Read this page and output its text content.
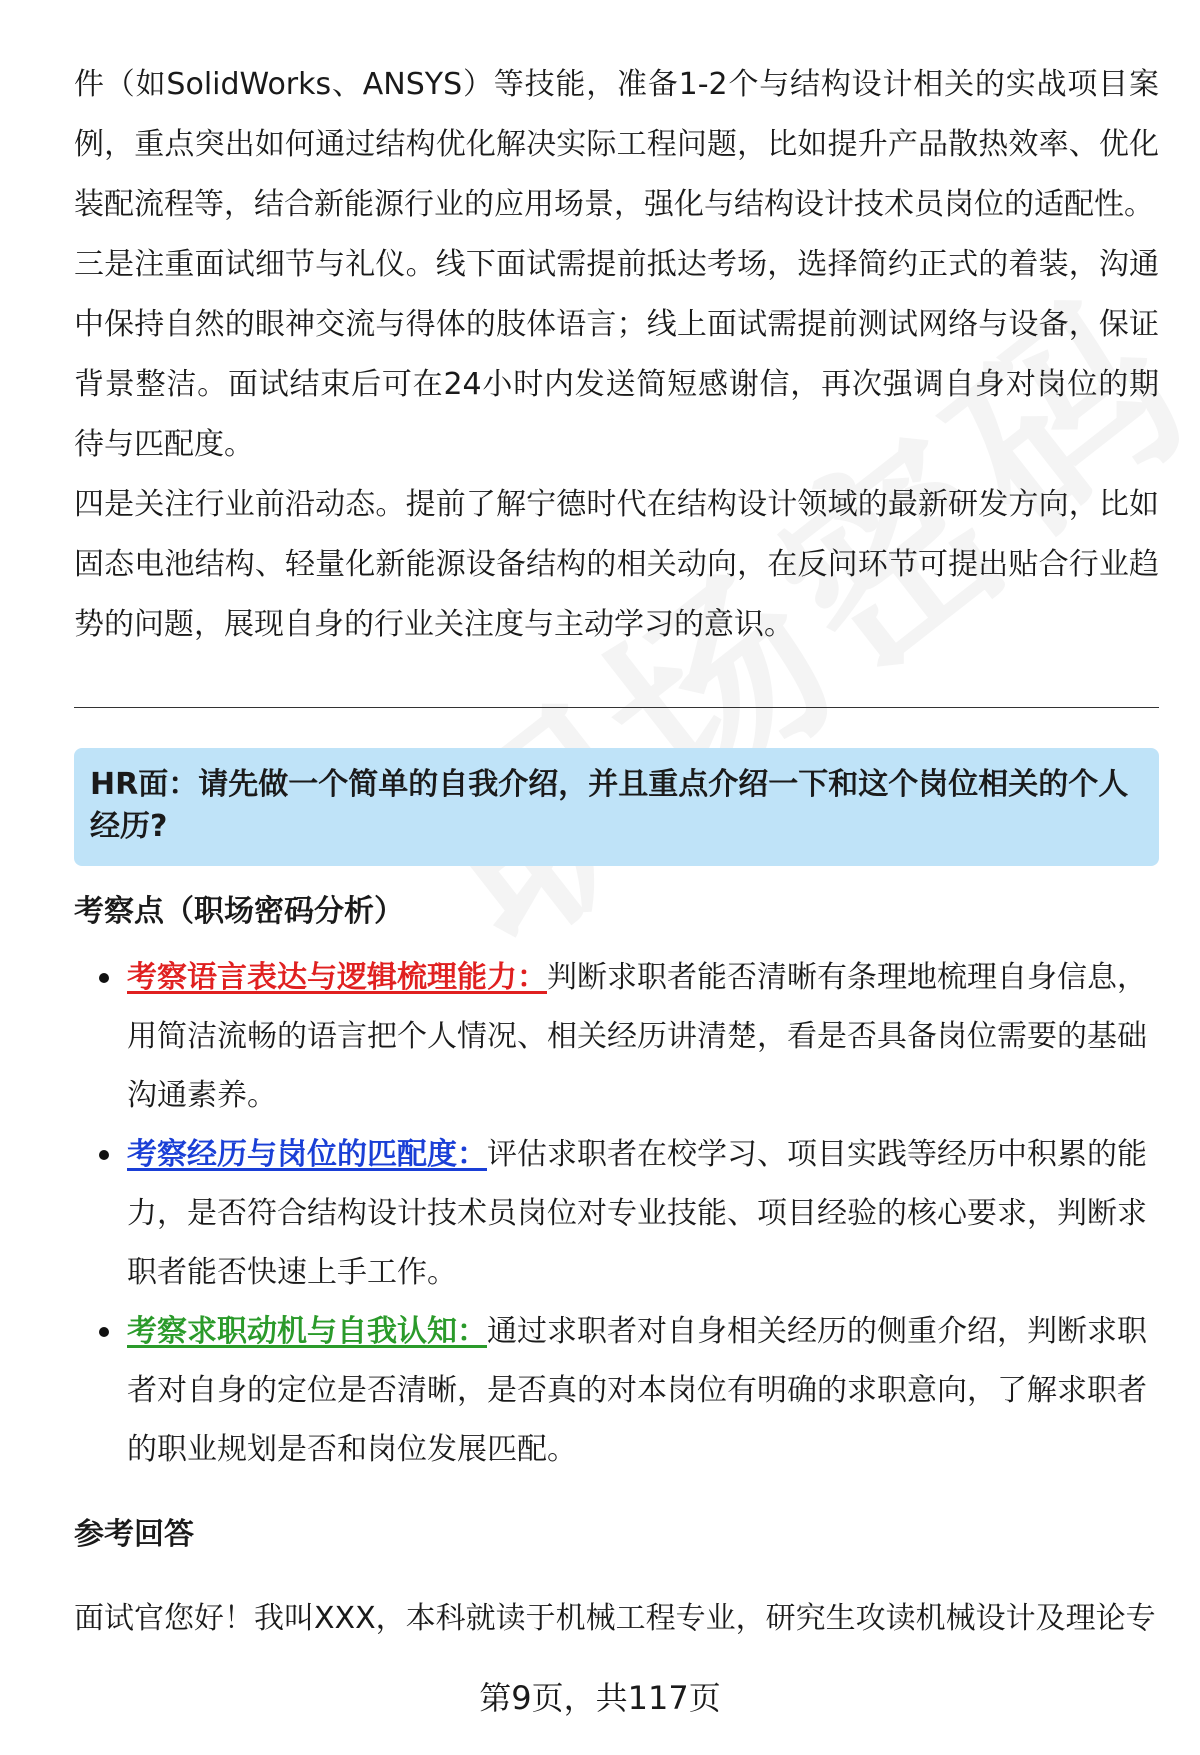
件（如SolidWorks、ANSYS）等技能，准备1-2个与结构设计相关的实战项目案例，重点突出如何通过结构优化解决实际工程问题，比如提升产品散热效率、优化装配流程等，结合新能源行业的应用场景，强化与结构设计技术员岗位的适配性。

三是注重面试细节与礼仪。线下面试需提前抵达考场，选择简约正式的着装，沟通中保持自然的眼神交流与得体的肢体语言；线上面试需提前测试网络与设备，保证背景整洁。面试结束后可在24小时内发送简短感谢信，再次强调自身对岗位的期待与匹配度。

四是关注行业前沿动态。提前了解宁德时代在结构设计领域的最新研发方向，比如固态电池结构、轻量化新能源设备结构的相关动向，在反问环节可提出贴合行业趋势的问题，展现自身的行业关注度与主动学习的意识。

HR面：请先做一个简单的自我介绍，并且重点介绍一下和这个岗位相关的个人经历?
考察点（职场密码分析）
考察语言表达与逻辑梳理能力：判断求职者能否清晰有条理地梳理自身信息，用简洁流畅的语言把个人情况、相关经历讲清楚，看是否具备岗位需要的基础沟通素养。
考察经历与岗位的匹配度：评估求职者在校学习、项目实践等经历中积累的能力，是否符合结构设计技术员岗位对专业技能、项目经验的核心要求，判断求职者能否快速上手工作。
考察求职动机与自我认知：通过求职者对自身相关经历的侧重介绍，判断求职者对自身的定位是否清晰，是否真的对本岗位有明确的求职意向，了解求职者的职业规划是否和岗位发展匹配。
参考回答

面试官您好！我叫XXX，本科就读于机械工程专业，研究生攻读机械设计及理论专

第9页，共117页
